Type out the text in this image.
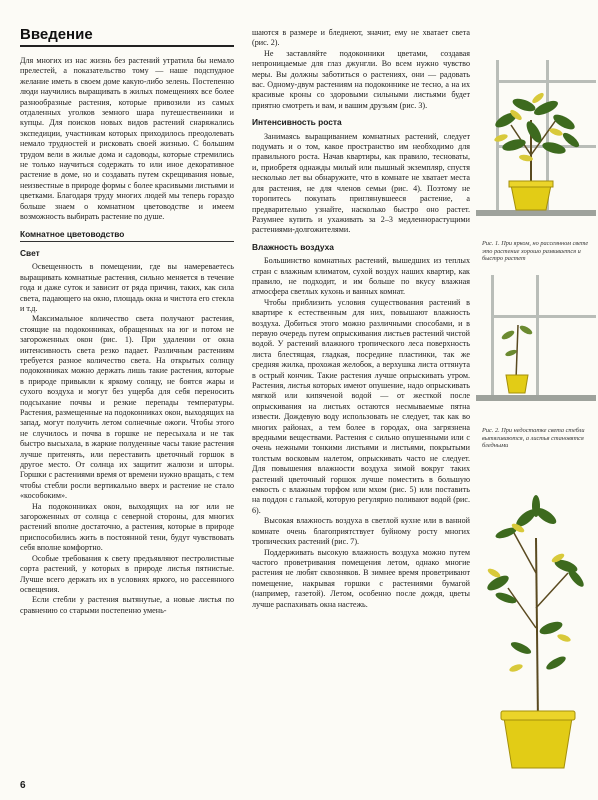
Введение

Для многих из нас жизнь без растений утратила бы немало прелестей, а показательство тому — наше подспудное желание иметь в своем доме какую-либо зелень. Постепенно люди научились выращивать в жилых помещениях все более разнообразные растения, которые привозили из самых отдаленных уголков земного шара путешественники и купцы. Для поисков новых видов растений снаряжались экспедиции, участникам которых приходилось преодолевать немало трудностей и рисковать своей жизнью. С большим трудом вели в жилые дома и садоводы, которые стремились не только научиться содержать то или иное декоративное растение в доме, но и создавать путем скрещивания новые, неизвестные в природе формы с более красивыми листьями и цветками. Благодаря труду многих людей мы теперь гораздо больше знаем о комнатном цветоводстве и имеем возможность выбирать растение по душе.

Комнатное цветоводство
Свет

Освещенность в помещении, где вы намереваетесь выращивать комнатные растения, сильно меняется в течение года и даже суток и зависит от ряда причин, таких, как сила света, падающего на окно, площадь окна и чистота его стекла и т.д.

Максимальное количество света получают растения, стоящие на подоконниках, обращенных на юг и потом не загороженных окон (рис. 1). При удалении от окна интенсивность света резко падает. Различным растениям требуется разное количество света. На открытых солнцу подоконниках можно держать лишь такие растения, которые в природе привыкли к яркому солнцу, не боятся жары и сухого воздуха и могут без ущерба для себя переносить подсыхание почвы и резкие перепады температуры. Растения, размещенные на подоконниках окон, выходящих на запад, могут получить летом солнечные ожоги. Чтобы этого не случилось и почва в горшке не пересыхала и не так быстро высыхала, в жаркие полуденные часы такие растения лучше притенять, или переставить цветочный горшок в другое место. От солнца их защитит жалюзи и шторы. Горшки с растениями время от времени нужно вращать, с тем чтобы стебли росли вертикально вверх и растение не стало «кособоким».

На подоконниках окон, выходящих на юг или не загороженных от солнца с северной стороны, для многих растений вполне достаточно, а растения, которые в природе приспособились жить в постоянной тени, будут чувствовать себя вполне комфортно.

Особые требования к свету предъявляют пестролистные сорта растений, у которых в природе листья пятнистые. Лучше всего держать их в условиях яркого, но рассеянного освещения.

Если стебли у растения вытянутые, а новые листья по сравнению со старыми постепенно умень-

шаются в размере и бледнеют, значит, ему не хватает света (рис. 2).

Не заставляйте подоконники цветами, создавая непроницаемые для глаз джунгли. Во всем нужно чувство меры. Вы должны заботиться о растениях, они — радовать вас. Одному-двум растениям на подоконнике не тесно, а на их красивые кроны со здоровыми сильными листьями будет приятно смотреть и вам, и вашим друзьям (рис. 3).

Интенсивность роста

Занимаясь выращиванием комнатных растений, следует подумать и о том, какое пространство им необходимо для правильного роста. Начав квартиры, как правило, тесноваты, и, приобретя однажды милый или пышный экземпляр, спустя несколько лет вы обнаружите, что в комнате не хватает места для растения, не для членов семьи (рис. 4). Поэтому не торопитесь покупать приглянувшееся растение, а предварительно узнайте, насколько быстро оно растет. Разумнее купить и ухаживать за 2–3 медленнорастущими растениями-долгожителями.

Влажность воздуха

Большинство комнатных растений, вышедших из теплых стран с влажным климатом, сухой воздух наших квартир, как правило, не подходит, и им больше по вкусу влажная атмосфера светлых кухонь и ванных комнат.

Чтобы приблизить условия существования растений в квартире к естественным для них, повышают влажность воздуха. Добиться этого можно различными способами, и в первую очередь путем опрыскивания листьев растений чистой водой. У растений влажного тропического леса поверхность листа блестящая, гладкая, посредине пластинки, так же средняя жилка, прохожая желобок, а верхушка листа оттянута в острый кончик. Такие растения лучше опрыскивать утром. Растения, листья которых имеют опушение, надо опрыскивать мягкой или кипяченой водой — от жесткой после опрыскивания на листьях остаются несмываемые пятна извести. Дождевую воду использовать не следует, так как во многих районах, а тем более в городах, она загрязнена вредными веществами. Растения с сильно опушенными или с очень нежными тонкими листьями и листьями, покрытыми толстым восковым налетом, опрыскивать часто не следует. Для повышения влажности воздуха зимой вокруг таких растений цветочный горшок лучше поместить в большую емкость с влажным торфом или мхом (рис. 5) или поставить на поддон с галькой, которую регулярно поливают водой (рис. 6).

Высокая влажность воздуха в светлой кухне или в ванной комнате очень благоприятствует буйному росту многих тропических растений (рис. 7).

Поддерживать высокую влажность воздуха можно путем частого проветривания помещения летом, однако многие растения не любят сквозняков. В зимнее время проветривают помещение, накрывая горшки с растениями бумагой (например, газетой). Летом, особенно после дождя, цветы лучше распахивать окна настежь.

Рис. 1. При ярком, но рассеянном свете это растение хорошо развивается и быстро растет
Рис. 2. При недостатке света стебли вытягиваются, а листья становятся бледными
6
